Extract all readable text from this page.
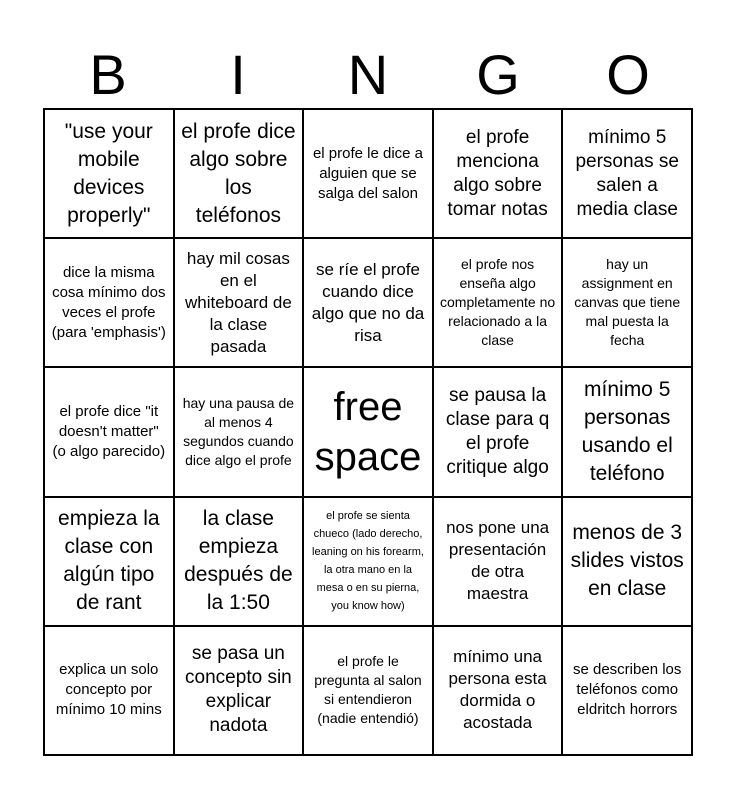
B	I	N	G	O
"use your mobile devices properly"
el profe dice algo sobre los teléfonos
el profe le dice a alguien que se salga del salon
el profe menciona algo sobre tomar notas
mínimo 5 personas se salen a media clase
dice la misma cosa mínimo dos veces el profe (para 'emphasis')
hay mil cosas en el whiteboard de la clase pasada
se ríe el profe cuando dice algo que no da risa
el profe nos enseña algo completamente no relacionado a la clase
hay un assignment en canvas que tiene mal puesta la fecha
el profe dice "it doesn't matter" (o algo parecido)
hay una pausa de al menos 4 segundos cuando dice algo el profe
free space
se pausa la clase para q el profe critique algo
mínimo 5 personas usando el teléfono
empieza la clase con algún tipo de rant
la clase empieza después de la 1:50
el profe se sienta chueco (lado derecho, leaning on his forearm, la otra mano en la mesa o en su pierna, you know how)
nos pone una presentación de otra maestra
menos de 3 slides vistos en clase
explica un solo concepto por mínimo 10 mins
se pasa un concepto sin explicar nadota
el profe le pregunta al salon si entendieron (nadie entendió)
mínimo una persona esta dormida o acostada
se describen los teléfonos como eldritch horrors
